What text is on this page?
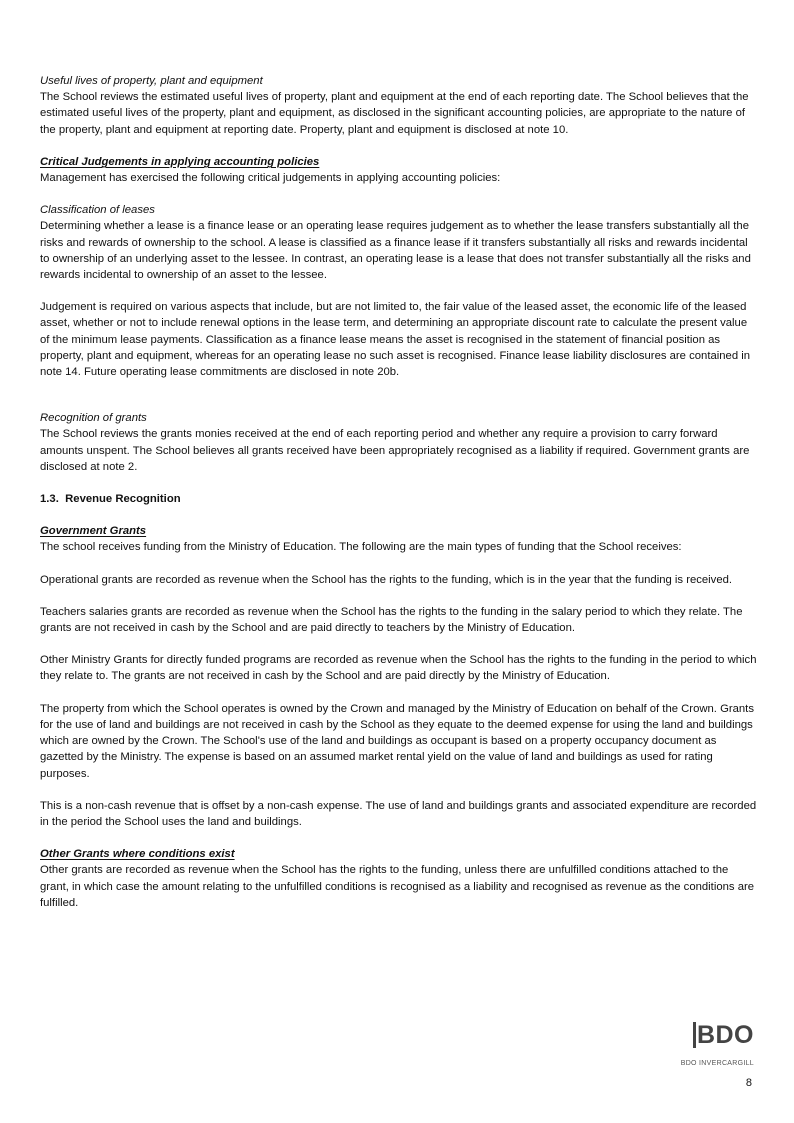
Useful lives of property, plant and equipment

The School reviews the estimated useful lives of property, plant and equipment at the end of each reporting date. The School believes that the estimated useful lives of the property, plant and equipment, as disclosed in the significant accounting policies, are appropriate to the nature of the property, plant and equipment at reporting date. Property, plant and equipment is disclosed at note 10.

Critical Judgements in applying accounting policies

Management has exercised the following critical judgements in applying accounting policies:

Classification of leases

Determining whether a lease is a finance lease or an operating lease requires judgement as to whether the lease transfers substantially all the risks and rewards of ownership to the school. A lease is classified as a finance lease if it transfers substantially all risks and rewards incidental to ownership of an underlying asset to the lessee. In contrast, an operating lease is a lease that does not transfer substantially all the risks and rewards incidental to ownership of an asset to the lessee.

Judgement is required on various aspects that include, but are not limited to, the fair value of the leased asset, the economic life of the leased asset, whether or not to include renewal options in the lease term, and determining an appropriate discount rate to calculate the present value of the minimum lease payments. Classification as a finance lease means the asset is recognised in the statement of financial position as property, plant and equipment, whereas for an operating lease no such asset is recognised. Finance lease liability disclosures are contained in note 14. Future operating lease commitments are disclosed in note 20b.

Recognition of grants

The School reviews the grants monies received at the end of each reporting period and whether any require a provision to carry forward amounts unspent. The School believes all grants received have been appropriately recognised as a liability if required. Government grants are disclosed at note 2.

1.3. Revenue Recognition

Government Grants

The school receives funding from the Ministry of Education. The following are the main types of funding that the School receives:

Operational grants are recorded as revenue when the School has the rights to the funding, which is in the year that the funding is received.

Teachers salaries grants are recorded as revenue when the School has the rights to the funding in the salary period to which they relate. The grants are not received in cash by the School and are paid directly to teachers by the Ministry of Education.

Other Ministry Grants for directly funded programs are recorded as revenue when the School has the rights to the funding in the period to which they relate to. The grants are not received in cash by the School and are paid directly by the Ministry of Education.

The property from which the School operates is owned by the Crown and managed by the Ministry of Education on behalf of the Crown. Grants for the use of land and buildings are not received in cash by the School as they equate to the deemed expense for using the land and buildings which are owned by the Crown. The School's use of the land and buildings as occupant is based on a property occupancy document as gazetted by the Ministry. The expense is based on an assumed market rental yield on the value of land and buildings as used for rating purposes.

This is a non-cash revenue that is offset by a non-cash expense. The use of land and buildings grants and associated expenditure are recorded in the period the School uses the land and buildings.

Other Grants where conditions exist

Other grants are recorded as revenue when the School has the rights to the funding, unless there are unfulfilled conditions attached to the grant, in which case the amount relating to the unfulfilled conditions is recognised as a liability and recognised as revenue as the conditions are fulfilled.

BDO
BDO INVERCARGILL
8
